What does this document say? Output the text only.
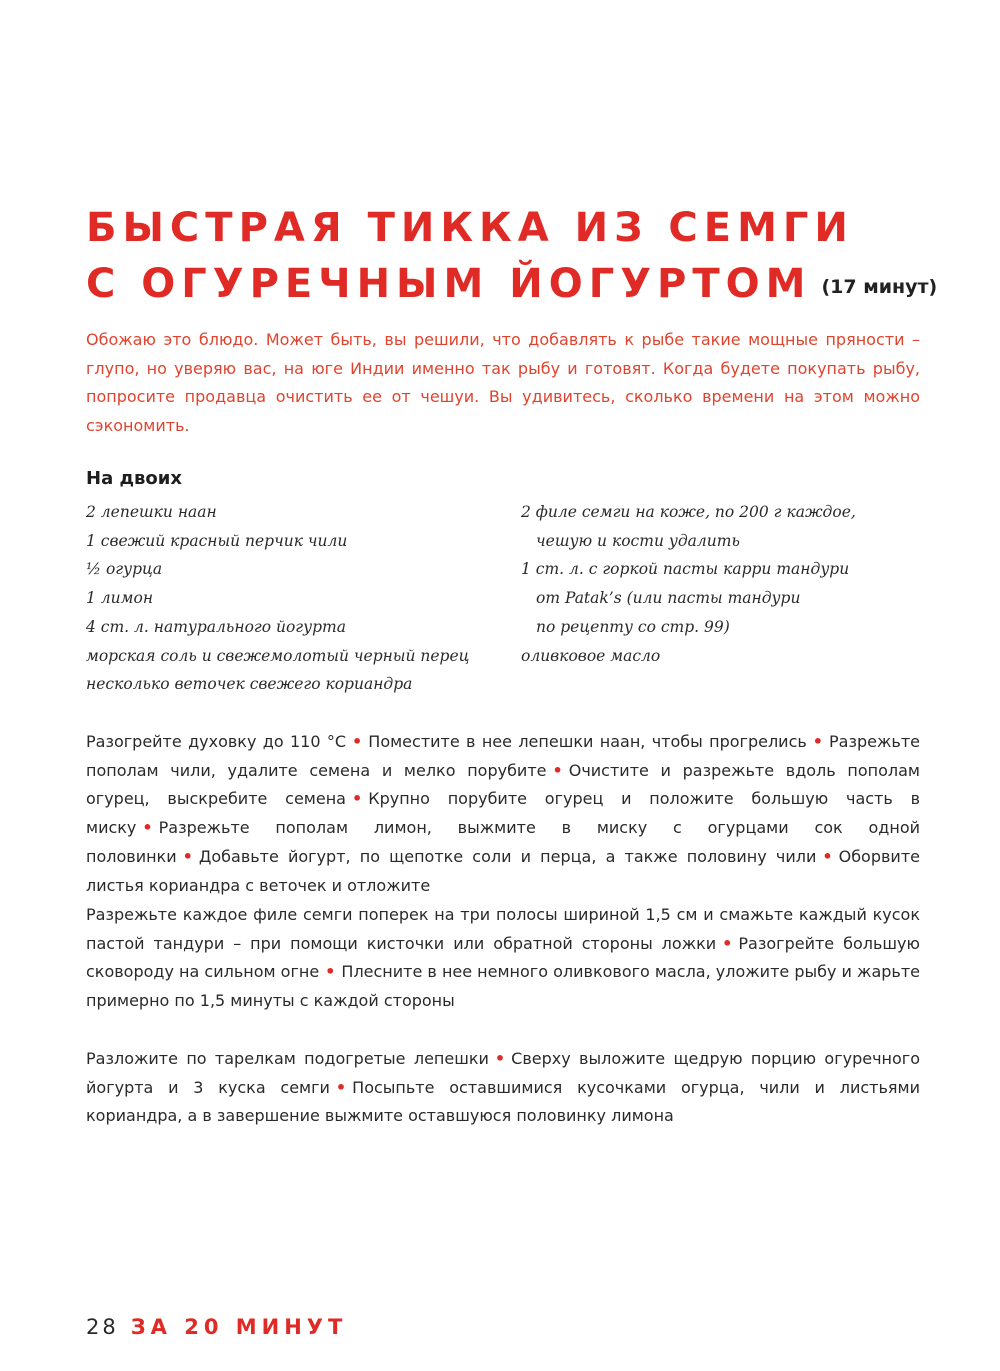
БЫСТРАЯ ТИККА ИЗ СЕМГИ
С ОГУРЕЧНЫМ ЙОГУРТОМ (17 минут)

Обожаю это блюдо. Может быть, вы решили, что добавлять к рыбе такие мощные пряности – глупо, но уверяю вас, на юге Индии именно так рыбу и готовят. Когда будете покупать рыбу, попросите продавца очистить ее от чешуи. Вы удивитесь, сколько времени на этом можно сэкономить.

На двоих
2 лепешки наан
1 свежий красный перчик чили
½ огурца
1 лимон
4 ст. л. натурального йогурта
морская соль и свежемолотый черный перец
несколько веточек свежего кориандра
2 филе семги на коже, по 200 г каждое,
чешую и кости удалить
1 ст. л. с горкой пасты карри тандури
от Patak’s (или пасты тандури
по рецепту со стр. 99)
оливковое масло

Разогрейте духовку до 110 °C • Поместите в нее лепешки наан, чтобы прогрелись • Разрежьте пополам чили, удалите семена и мелко порубите • Очистите и разрежьте вдоль пополам огурец, выскребите семена • Крупно порубите огурец и положите большую часть в миску • Разрежьте пополам лимон, выжмите в миску с огурцами сок одной половинки • Добавьте йогурт, по щепотке соли и перца, а также половину чили • Оборвите листья кориандра с веточек и отложите

Разрежьте каждое филе семги поперек на три полосы шириной 1,5 см и смажьте каждый кусок пастой тандури – при помощи кисточки или обратной стороны ложки • Разогрейте большую сковороду на сильном огне • Плесните в нее немного оливкового масла, уложите рыбу и жарьте примерно по 1,5 минуты с каждой стороны

Разложите по тарелкам подогретые лепешки • Сверху выложите щедрую порцию огуречного йогурта и 3 куска семги • Посыпьте оставшимися кусочками огурца, чили и листьями кориандра, а в завершение выжмите оставшуюся половинку лимона

28 ЗА 20 МИНУТ
